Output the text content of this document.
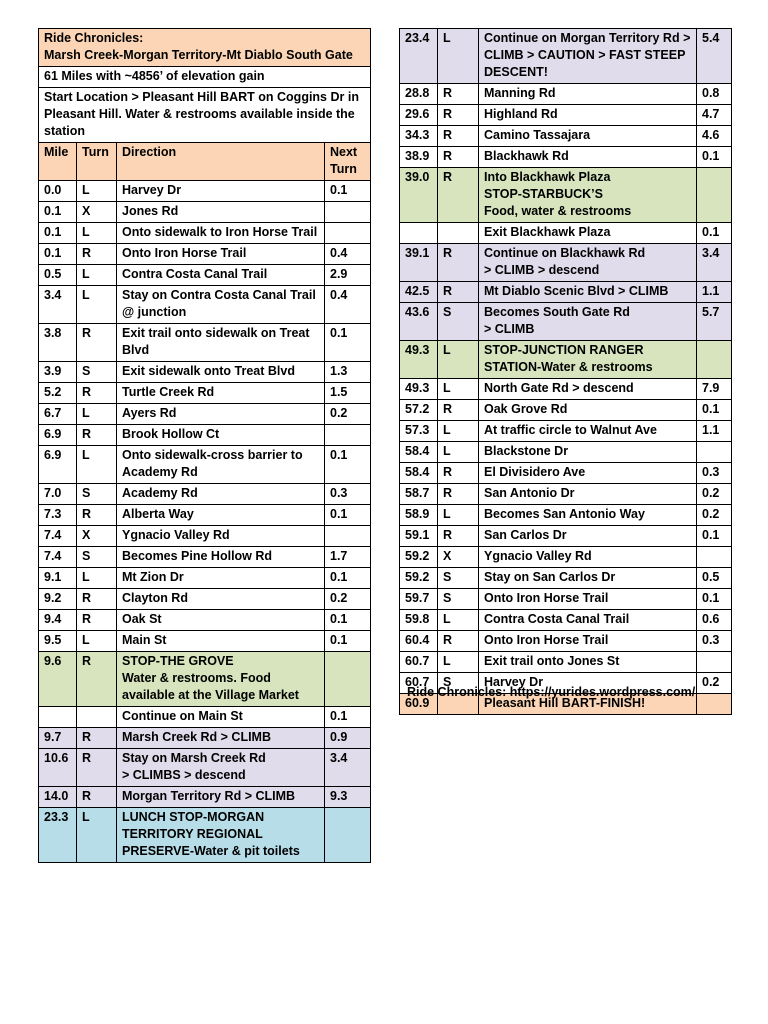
Ride Chronicles:
Marsh Creek-Morgan Territory-Mt Diablo South Gate			

61 Miles with ~4856’ of elevation gain			
Start Location > Pleasant Hill BART on Coggins Dr in Pleasant Hill. Water & restrooms available inside the station			
Mile	Turn	Direction	Next Turn
0.0	L	Harvey Dr	0.1
0.1	X	Jones Rd	
0.1	L	Onto sidewalk to Iron Horse Trail	
0.1	R	Onto Iron Horse Trail	0.4
0.5	L	Contra Costa Canal Trail	2.9
3.4	L	Stay on Contra Costa Canal Trail @ junction	0.4
3.8	R	Exit trail onto sidewalk on Treat Blvd	0.1
3.9	S	Exit sidewalk onto Treat Blvd	1.3
5.2	R	Turtle Creek Rd	1.5
6.7	L	Ayers Rd	0.2
6.9	R	Brook Hollow Ct	
6.9	L	Onto sidewalk-cross barrier to Academy Rd	0.1
7.0	S	Academy Rd	0.3
7.3	R	Alberta Way	0.1
7.4	X	Ygnacio Valley Rd	
7.4	S	Becomes Pine Hollow Rd	1.7
9.1	L	Mt Zion Dr	0.1
9.2	R	Clayton Rd	0.2
9.4	R	Oak St	0.1
9.5	L	Main St	0.1
9.6	R	STOP-THE GROVE
Water & restrooms. Food available at the Village Market	
		Continue on Main St	0.1
9.7	R	Marsh Creek Rd > CLIMB	0.9
10.6	R	Stay on Marsh Creek Rd
> CLIMBS > descend	3.4
14.0	R	Morgan Territory Rd > CLIMB	9.3
23.3	L	LUNCH STOP-MORGAN TERRITORY REGIONAL PRESERVE-Water & pit toilets	
23.4	L	Continue on Morgan Territory Rd > CLIMB > CAUTION > FAST STEEP DESCENT!	5.4
28.8	R	Manning Rd	0.8
29.6	R	Highland Rd	4.7
34.3	R	Camino Tassajara	4.6
38.9	R	Blackhawk Rd	0.1
39.0	R	Into Blackhawk Plaza
STOP-STARBUCK’S
Food, water & restrooms	
		Exit Blackhawk Plaza	0.1
39.1	R	Continue on Blackhawk Rd
> CLIMB > descend	3.4
42.5	R	Mt Diablo Scenic Blvd > CLIMB	1.1
43.6	S	Becomes South Gate Rd
> CLIMB	5.7
49.3	L	STOP-JUNCTION RANGER STATION-Water & restrooms	
49.3	L	North Gate Rd > descend	7.9
57.2	R	Oak Grove Rd	0.1
57.3	L	At traffic circle to Walnut Ave	1.1
58.4	L	Blackstone Dr	
58.4	R	El Divisidero Ave	0.3
58.7	R	San Antonio Dr	0.2
58.9	L	Becomes San Antonio Way	0.2
59.1	R	San Carlos Dr	0.1
59.2	X	Ygnacio Valley Rd	
59.2	S	Stay on San Carlos Dr	0.5
59.7	S	Onto Iron Horse Trail	0.1
59.8	L	Contra Costa Canal Trail	0.6
60.4	R	Onto Iron Horse Trail	0.3
60.7	L	Exit trail onto Jones St	
60.7	S	Harvey Dr	0.2
60.9		Pleasant Hill BART-FINISH!	
Ride Chronicles: https://yurides.wordpress.com/
